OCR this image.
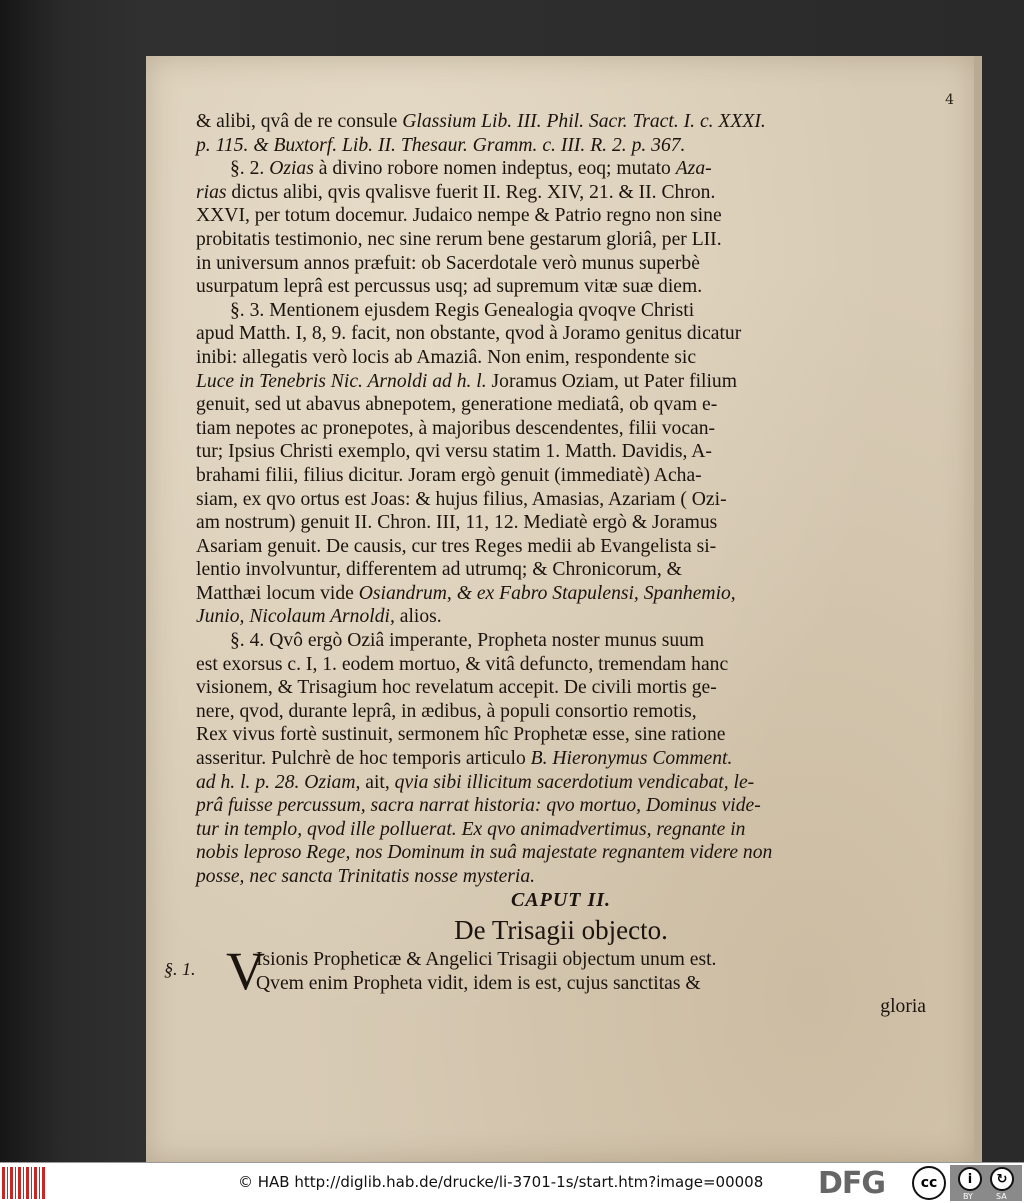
4
& alibi, qvâ de re consule Glassium Lib. III. Phil. Sacr. Tract. I. c. XXXI.
p. 115. & Buxtorf. Lib. II. Thesaur. Gramm. c. III. R. 2. p. 367.
§. 2. Ozias à divino robore nomen indeptus, eoq; mutato Aza-
rias dictus alibi, qvis qvalisve fuerit II. Reg. XIV, 21. & II. Chron.
XXVI, per totum docemur. Judaico nempe & Patrio regno non sine
probitatis testimonio, nec sine rerum bene gestarum gloriâ, per LII.
in universum annos præfuit: ob Sacerdotale verò munus superbè
usurpatum leprâ est percussus usq; ad supremum vitæ suæ diem.
§. 3. Mentionem ejusdem Regis Genealogia qvoqve Christi
apud Matth. I, 8, 9. facit, non obstante, qvod à Joramo genitus dicatur
inibi: allegatis verò locis ab Amaziâ. Non enim, respondente sic
Luce in Tenebris Nic. Arnoldi ad h. l. Joramus Oziam, ut Pater filium
genuit, sed ut abavus abnepotem, generatione mediatâ, ob qvam e-
tiam nepotes ac pronepotes, à majoribus descendentes, filii vocan-
tur; Ipsius Christi exemplo, qvi versu statim 1. Matth. Davidis, A-
brahami filii, filius dicitur. Joram ergò genuit (immediatè) Acha-
siam, ex qvo ortus est Joas: & hujus filius, Amasias, Azariam ( Ozi-
am nostrum) genuit II. Chron. III, 11, 12. Mediatè ergò & Joramus
Asariam genuit. De causis, cur tres Reges medii ab Evangelista si-
lentio involvuntur, differentem ad utrumq; & Chronicorum, &
Matthæi locum vide Osiandrum, & ex Fabro Stapulensi, Spanhemio,
Junio, Nicolaum Arnoldi, alios.
§. 4. Qvô ergò Oziâ imperante, Propheta noster munus suum
est exorsus c. I, 1. eodem mortuo, & vitâ defuncto, tremendam hanc
visionem, & Trisagium hoc revelatum accepit. De civili mortis ge-
nere, qvod, durante leprâ, in ædibus, à populi consortio remotis,
Rex vivus fortè sustinuit, sermonem hîc Prophetæ esse, sine ratione
asseritur. Pulchrè de hoc temporis articulo B. Hieronymus Comment.
ad h. l. p. 28. Oziam, ait, qvia sibi illicitum sacerdotium vendicabat, le-
prâ fuisse percussum, sacra narrat historia: qvo mortuo, Dominus vide-
tur in templo, qvod ille polluerat. Ex qvo animadvertimus, regnante in
nobis leproso Rege, nos Dominum in suâ majestate regnantem videre non
posse, nec sancta Trinitatis nosse mysteria.
CAPUT II.
De Trisagii objecto.
§. 1. V
Isionis Propheticæ & Angelici Trisagii objectum unum est.
Qvem enim Propheta vidit, idem is est, cujus sanctitas &
gloria
© HAB http://diglib.hab.de/drucke/li-3701-1s/start.htm?image=00008 DFG	cc	i
BY
↻
SA
